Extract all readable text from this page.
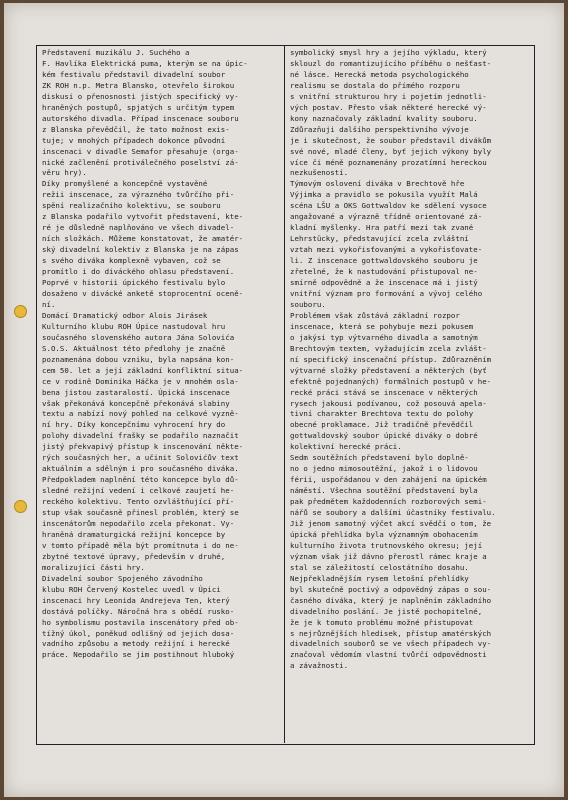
Představení muzikálu J. Suchého a
F. Havlíka Elektrická puma, kterým se na úpic-
kém festivalu představil divadelní soubor
ZK ROH n.p. Metra Blansko, otevřelo širokou
diskusi o přenosnosti jistých specifický vy-
hraněných postupů, spjatých s určitým typem
autorského divadla. Případ inscenace souboru
z Blanska převědčil, že tato možnost exis-
tuje; v mnohých případech dokonce původní
inscenaci v divadle Semafor přesahuje (orga-
nické začlenění protiválečného poselství zá-
věru hry).

Díky promyšlené a koncepčně vystavěné
režii inscenace, za výrazného tvůrčího při-
spění realizačního kolektivu, se souboru
z Blanska podařilo vytvořit představení, kte-
ré je důsledně naplňováno ve všech divadel-
ních složkách. Můžeme konstatovat, že amatér-
ský divadelní kolektiv z Blanska je na zápas
s svého diváka komplexně vybaven, což se
promítlo i do diváckého ohlasu představení.
Poprvé v historii úpického festivalu bylo
dosaženo v divácké anketě stoprocentní oceně-
ní.

Domácí Dramatický odbor Alois Jirásek
Kulturního klubu ROH Úpice nastudoval hru
současného slovenského autora Jána Solovića
S.O.S. Aktuálnost této předlohy je značně
poznamenána dobou vzniku, byla napsána kon-
cem 50. let a její základní konfliktní situa-
ce v rodině Dominika Háčka je v mnohém osla-
bena jistou zastaralostí. Úpická inscenace
však překonává koncepčně překonává slabiny
textu a nabízí nový pohled na celkové vyzně-
ní hry. Díky koncepčnímu vyhrocení hry do
polohy divadelní frašky se podařilo naznačit
jistý překvapivý přístup k inscenování někte-
rých současných her, a učinit Solovićův text
aktuálním a sdělným i pro současného diváka.
Předpokladem naplnění této koncepce bylo dů-
sledné režijní vedení i celkové zaujetí he-
reckého kolektivu. Tento ozvláštňující pří-
stup však současně přinesl problém, který se
inscenátorům nepodařilo zcela překonat. Vy-
hraněná dramaturgická režijní koncepce by
v tomto případě měla být promítnuta i do ne-
zbytné textové úpravy, především v druhé,
moralizující části hry.

Divadelní soubor Spojeného závodního
klubu ROH Červený Kostelec uvedl v Úpici
inscenaci hry Leonida Andrejeva Ten, který
dostává políčky. Náročná hra s obědí rusko-
ho symbolismu postavila inscenátory před ob-
tížný úkol, poněkud odlišný od jejich dosa-
vadního způsobu a metody režijní i herecké
práce. Nepodařilo se jim postihnout hluboký

symbolický smysl hry a jejího výkladu, který
sklouzl do romantizujícího příběhu o nešťast-
né lásce. Herecká metoda psychologického
realismu se dostala do přímého rozporu
s vnitřní strukturou hry i pojetím jednotli-
vých postav. Přesto však některé herecké vý-
kony naznačovaly základní kvality souboru.
Zdůrazňuji dalšího perspektivního vývoje
je i skutečnost, že soubor představil divákům
své nové, mladé členy, byť jejich výkony byly
více či méně poznamenány prozatímní hereckou
nezkušeností.

Týmovým oslovení diváka v Brechtově hře
Výjimka a pravidlo se pokusila využít Malá
scéna LŠU a OKS Gottwaldov ke sdělení vysoce
angažované a výrazně třídně orientované zá-
kladní myšlenky. Hra patří mezi tak zvané
Lehrstücky, představující zcela zvláštní
vztah mezi vykořisťovanými a vykořisťovate-
li. Z inscenace gottwaldovského souboru je
zřetelné, že k nastudování přistupoval ne-
smírně odpovědně a že inscenace má i jistý
vnitřní význam pro formování a vývoj celého
souboru.

Problémem však zůstává základní rozpor
inscenace, která se pohybuje mezi pokusem
o jakýsi typ výtvarného divadla a samotným
Brechtovým textem, vyžadujícím zcela zvlášt-
ní specifický inscenační přístup. Zdůrazněním
výtvarné složky představení a některých (byť
efektně pojednaných) formálních postupů v he-
recké práci stává se inscenace v některých
rysech jakousi podívanou, což posouvá apela-
tivní charakter Brechtova textu do polohy
obecné proklamace. Již tradičně převědčil
gottwaldovský soubor úpické diváky o dobré
kolektivní herecké práci.

Sedm soutěžních představení bylo doplně-
no o jedno mimosoutěžní, jakož i o lidovou
férii, uspořádanou v den zahájení na úpickém
náměstí. Všechna soutěžní představení byla
pak předmětem každodenních rozborových semi-
nářů se soubory a dalšími účastníky festivalu.
Již jenom samotný výčet akcí svědčí o tom, že
úpická přehlídka byla významným obohacením
kulturního života trutnovského okresu; její
význam však již dávno přerostl rámec kraje a
stal se záležitostí celostátního dosahu.

Nejpřekladnějším rysem letošní přehlídky
byl skutečně poctivý a odpovědný zápas o sou-
časného diváka, který je naplněním základního
divadelního poslání. Je jistě pochopitelné,
že je k tomuto problému možné přistupovat
s nejrůznějších hledisek, přístup amatérských
divadelních souborů se ve všech případech vy-
značoval vědomím vlastní tvůrčí odpovědnosti
a závažnosti.
